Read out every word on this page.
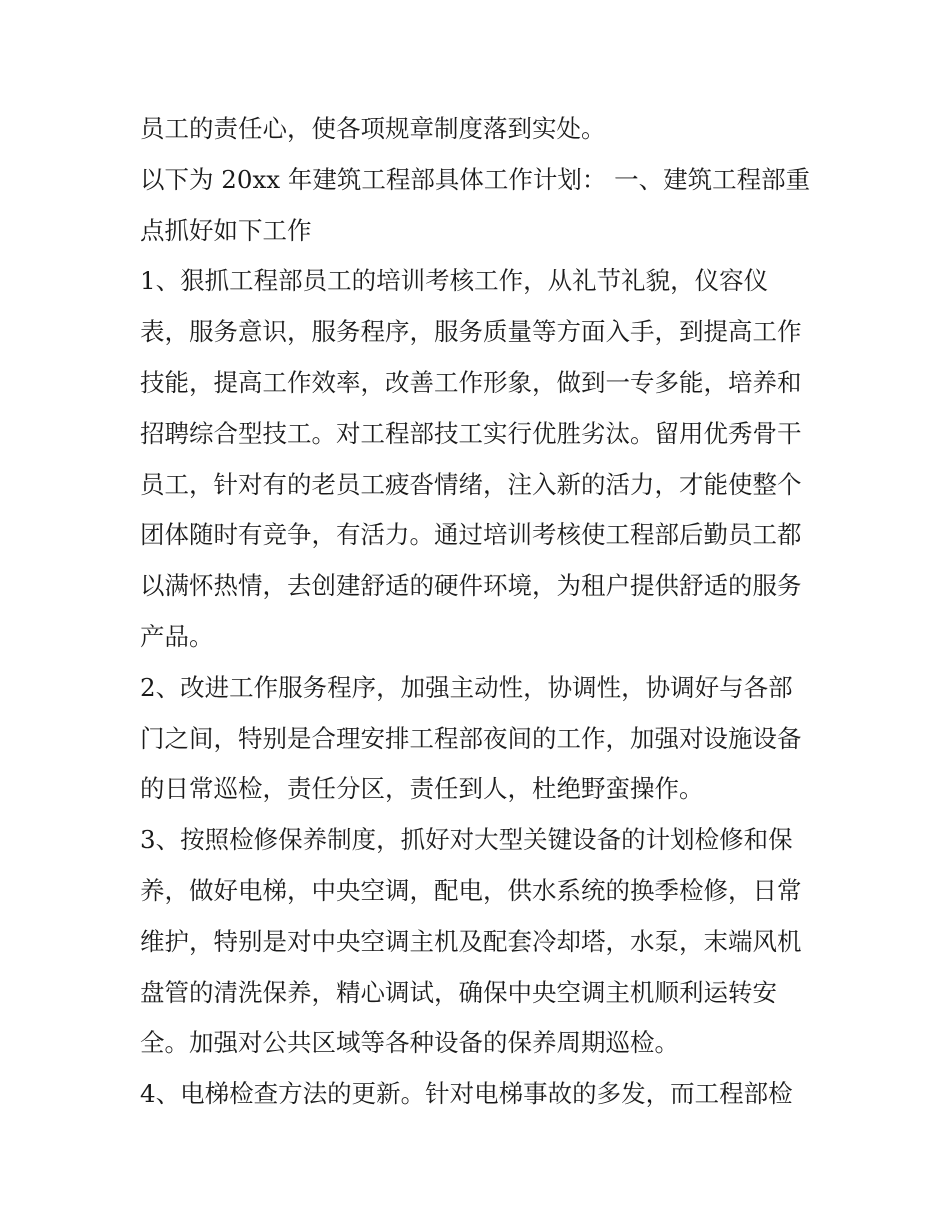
员工的责任心，使各项规章制度落到实处。
以下为 20xx 年建筑工程部具体工作计划： 一、建筑工程部重
点抓好如下工作
1、狠抓工程部员工的培训考核工作，从礼节礼貌，仪容仪
表，服务意识，服务程序，服务质量等方面入手，到提高工作
技能，提高工作效率，改善工作形象，做到一专多能，培养和
招聘综合型技工。对工程部技工实行优胜劣汰。留用优秀骨干
员工，针对有的老员工疲沓情绪，注入新的活力，才能使整个
团体随时有竞争，有活力。通过培训考核使工程部后勤员工都
以满怀热情，去创建舒适的硬件环境，为租户提供舒适的服务
产品。
2、改进工作服务程序，加强主动性，协调性，协调好与各部
门之间，特别是合理安排工程部夜间的工作，加强对设施设备
的日常巡检，责任分区，责任到人，杜绝野蛮操作。
3、按照检修保养制度，抓好对大型关键设备的计划检修和保
养，做好电梯，中央空调，配电，供水系统的换季检修，日常
维护，特别是对中央空调主机及配套冷却塔，水泵，末端风机
盘管的清洗保养，精心调试，确保中央空调主机顺利运转安
全。加强对公共区域等各种设备的保养周期巡检。
4、电梯检查方法的更新。针对电梯事故的多发，而工程部检
